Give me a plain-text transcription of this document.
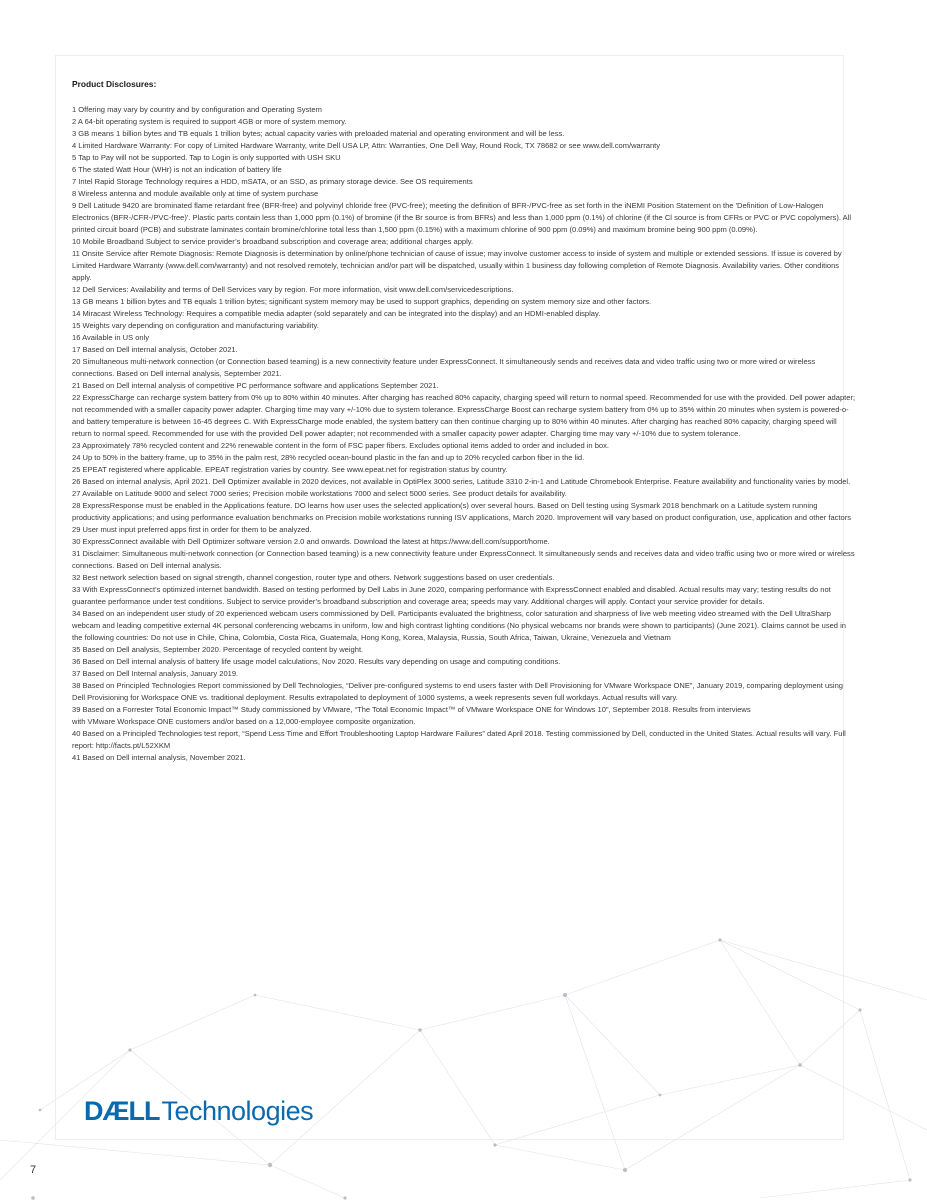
Product Disclosures:

1 Offering may vary by country and by configuration and Operating System
2 A 64-bit operating system is required to support 4GB or more of system memory.
3 GB means 1 billion bytes and TB equals 1 trillion bytes; actual capacity varies with preloaded material and operating environment and will be less.
4 Limited Hardware Warranty: For copy of Limited Hardware Warranty, write Dell USA LP, Attn: Warranties, One Dell Way, Round Rock, TX 78682 or see www.dell.com/warranty
5 Tap to Pay will not be supported. Tap to Login is only supported with USH SKU
6 The stated Watt Hour (WHr) is not an indication of battery life
7 Intel Rapid Storage Technology requires a HDD, mSATA, or an SSD, as primary storage device. See OS requirements
8 Wireless antenna and module available only at time of system purchase
9 Dell Latitude 9420 are brominated flame retardant free (BFR-free) and polyvinyl chloride free (PVC-free); meeting the definition of BFR-/PVC-free as set forth in the iNEMI Position Statement on the 'Definition of Low-Halogen Electronics (BFR-/CFR-/PVC-free)'. Plastic parts contain less than 1,000 ppm (0.1%) of bromine (if the Br source is from BFRs) and less than 1,000 ppm (0.1%) of chlorine (if the Cl source is from CFRs or PVC or PVC copolymers). All printed circuit board (PCB) and substrate laminates contain bromine/chlorine total less than 1,500 ppm (0.15%) with a maximum chlorine of 900 ppm (0.09%) and maximum bromine being 900 ppm (0.09%).
10 Mobile Broadband Subject to service provider’s broadband subscription and coverage area; additional charges apply.
11 Onsite Service after Remote Diagnosis: Remote Diagnosis is determination by online/phone technician of cause of issue; may involve customer access to inside of system and multiple or extended sessions. If issue is covered by Limited Hardware Warranty (www.dell.com/warranty) and not resolved remotely, technician and/or part will be dispatched, usually within 1 business day following completion of Remote Diagnosis. Availability varies. Other conditions apply.
12 Dell Services: Availability and terms of Dell Services vary by region. For more information, visit www.dell.com/servicedescriptions.
13 GB means 1 billion bytes and TB equals 1 trillion bytes; significant system memory may be used to support graphics, depending on system memory size and other factors.
14 Miracast Wireless Technology: Requires a compatible media adapter (sold separately and can be integrated into the display) and an HDMI-enabled display.
15 Weights vary depending on configuration and manufacturing variability.
16 Available in US only
17 Based on Dell internal analysis, October 2021.
20 Simultaneous multi-network connection (or Connection based teaming) is a new connectivity feature under ExpressConnect. It simultaneously sends and receives data and video traffic using two or more wired or wireless connections. Based on Dell internal analysis, September 2021.
21 Based on Dell internal analysis of competitive PC performance software and applications September 2021.
22 ExpressCharge can recharge system battery from 0% up to 80% within 40 minutes. After charging has reached 80% capacity, charging speed will return to normal speed. Recommended for use with the provided. Dell power adapter; not recommended with a smaller capacity power adapter. Charging time may vary +/-10% due to system tolerance. ExpressCharge Boost can recharge system battery from 0% up to 35% within 20 minutes when system is powered-o- and battery temperature is between 16-45 degrees C. With ExpressCharge mode enabled, the system battery can then continue charging up to 80% within 40 minutes. After charging has reached 80% capacity, charging speed will return to normal speed. Recommended for use with the provided Dell power adapter; not recommended with a smaller capacity power adapter. Charging time may vary +/-10% due to system tolerance.
23 Approximately 78% recycled content and 22% renewable content in the form of FSC paper fibers. Excludes optional items added to order and included in box.
24 Up to 50% in the battery frame, up to 35% in the palm rest, 28% recycled ocean-bound plastic in the fan and up to 20% recycled carbon fiber in the lid.
25 EPEAT registered where applicable. EPEAT registration varies by country. See www.epeat.net for registration status by country.
26 Based on internal analysis, April 2021. Dell Optimizer available in 2020 devices, not available in OptiPlex 3000 series, Latitude 3310 2-in-1 and Latitude Chromebook Enterprise. Feature availability and functionality varies by model.
27 Available on Latitude 9000 and select 7000 series; Precision mobile workstations 7000 and select 5000 series. See product details for availability.
28 ExpressResponse must be enabled in the Applications feature. DO learns how user uses the selected application(s) over several hours. Based on Dell testing using Sysmark 2018 benchmark on a Latitude system running productivity applications; and using performance evaluation benchmarks on Precision mobile workstations running ISV applications, March 2020. Improvement will vary based on product configuration, use, application and other factors
29 User must input preferred apps first in order for them to be analyzed.
30 ExpressConnect available with Dell Optimizer software version 2.0 and onwards. Download the latest at https://www.dell.com/support/home.
31 Disclaimer: Simultaneous multi-network connection (or Connection based teaming) is a new connectivity feature under ExpressConnect. It simultaneously sends and receives data and video traffic using two or more wired or wireless connections. Based on Dell internal analysis.
32 Best network selection based on signal strength, channel congestion, router type and others. Network suggestions based on user credentials.
33 With ExpressConnect’s optimized internet bandwidth. Based on testing performed by Dell Labs in June 2020, comparing performance with ExpressConnect enabled and disabled. Actual results may vary; testing results do not guarantee performance under test conditions. Subject to service provider’s broadband subscription and coverage area; speeds may vary. Additional charges will apply. Contact your service provider for details.
34 Based on an independent user study of 20 experienced webcam users commissioned by Dell. Participants evaluated the brightness, color saturation and sharpness of live web meeting video streamed with the Dell UltraSharp webcam and leading competitive external 4K personal conferencing webcams in uniform, low and high contrast lighting conditions (No physical webcams nor brands were shown to participants) (June 2021). Claims cannot be used in the following countries: Do not use in Chile, China, Colombia, Costa Rica, Guatemala, Hong Kong, Korea, Malaysia, Russia, South Africa, Taiwan, Ukraine, Venezuela and Vietnam
35 Based on Dell analysis, September 2020. Percentage of recycled content by weight.
36 Based on Dell internal analysis of battery life usage model calculations, Nov 2020. Results vary depending on usage and computing conditions.
37 Based on Dell Internal analysis, January 2019.
38 Based on Principled Technologies Report commissioned by Dell Technologies, “Deliver pre-configured systems to end users faster with Dell Provisioning for VMware Workspace ONE”, January 2019, comparing deployment using Dell Provisioning for Workspace ONE vs. traditional deployment. Results extrapolated to deployment of 1000 systems, a week represents seven full workdays. Actual results will vary.
39 Based on a Forrester Total Economic Impact™ Study commissioned by VMware, “The Total Economic Impact™ of VMware Workspace ONE for Windows 10”, September 2018. Results from interviews
with VMware Workspace ONE customers and/or based on a 12,000-employee composite organization.
40 Based on a Principled Technologies test report, “Spend Less Time and Effort Troubleshooting Laptop Hardware Failures” dated April 2018. Testing commissioned by Dell, conducted in the United States. Actual results will vary. Full report: http://facts.pt/L52XKM
41 Based on Dell internal analysis, November 2021.
DÆLL Technologies
7
